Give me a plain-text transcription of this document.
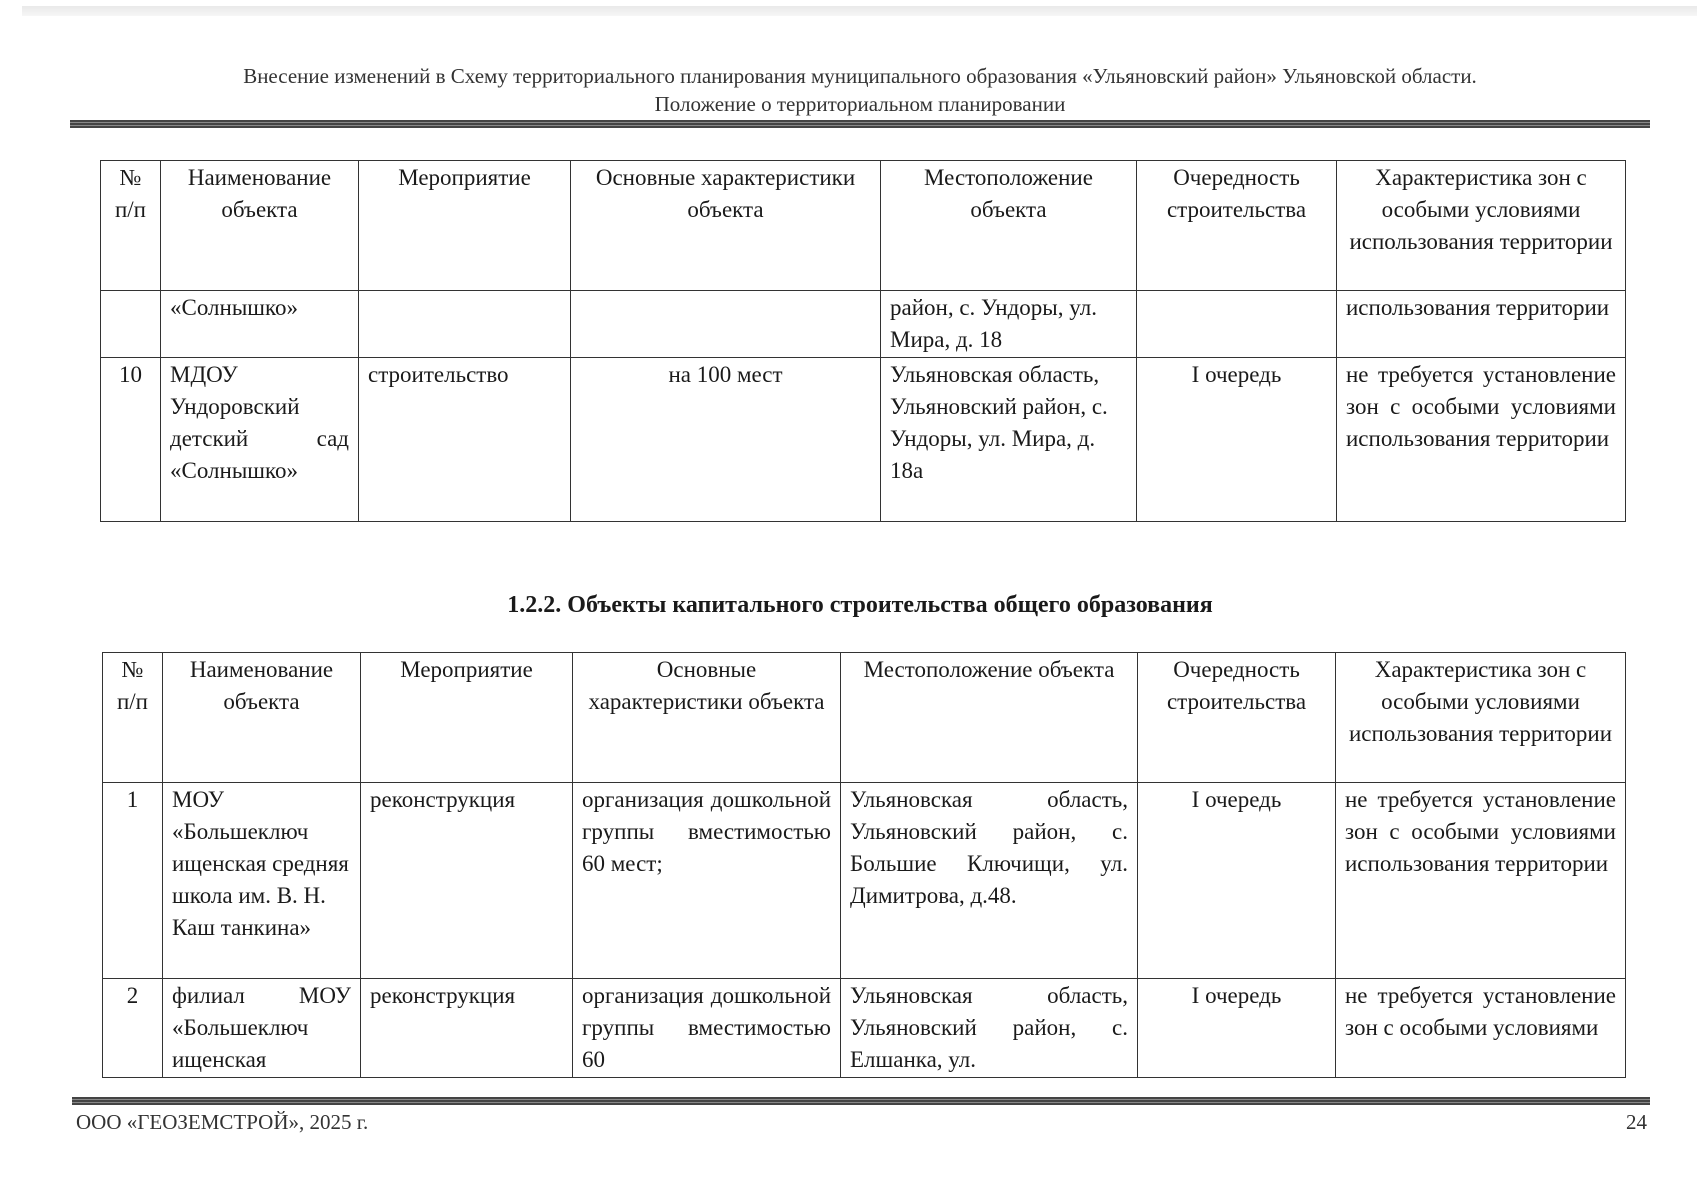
Внесение изменений в Схему территориального планирования муниципального образования «Ульяновский район» Ульяновской области.
Положение о территориальном планировании
№ п/п	Наименование объекта	Мероприятие	Основные характеристики объекта	Местоположение объекта	Очередность строительства	Характеристика зон с особыми условиями использования территории
	«Солнышко»			район, с. Ундоры, ул. Мира, д. 18		использования территории
10	МДОУ Ундоровский детский сад «Солнышко»	строительство	на 100 мест	Ульяновская область, Ульяновский район, с. Ундоры, ул. Мира, д. 18а	I очередь	не требуется установление зон с особыми условиями использования территории
1.2.2. Объекты капитального строительства общего образования
№ п/п	Наименование объекта	Мероприятие	Основные характеристики объекта	Местоположение объекта	Очередность строительства	Характеристика зон с особыми условиями использования территории
1	МОУ «Большеключ ищенская средняя школа им. В. Н. Каш танкина»	реконструкция	организация дошкольной группы вместимостью 60 мест;	Ульяновская область, Ульяновский район, с. Большие Ключищи, ул. Димитрова, д.48.	I очередь	не требуется установление зон с особыми условиями использования территории
2	филиал МОУ «Большеключ ищенская	реконструкция	организация дошкольной группы вместимостью 60	Ульяновская область, Ульяновский район, с. Елшанка, ул.	I очередь	не требуется установление зон с особыми условиями
ООО «ГЕОЗЕМСТРОЙ», 2025 г.	24
